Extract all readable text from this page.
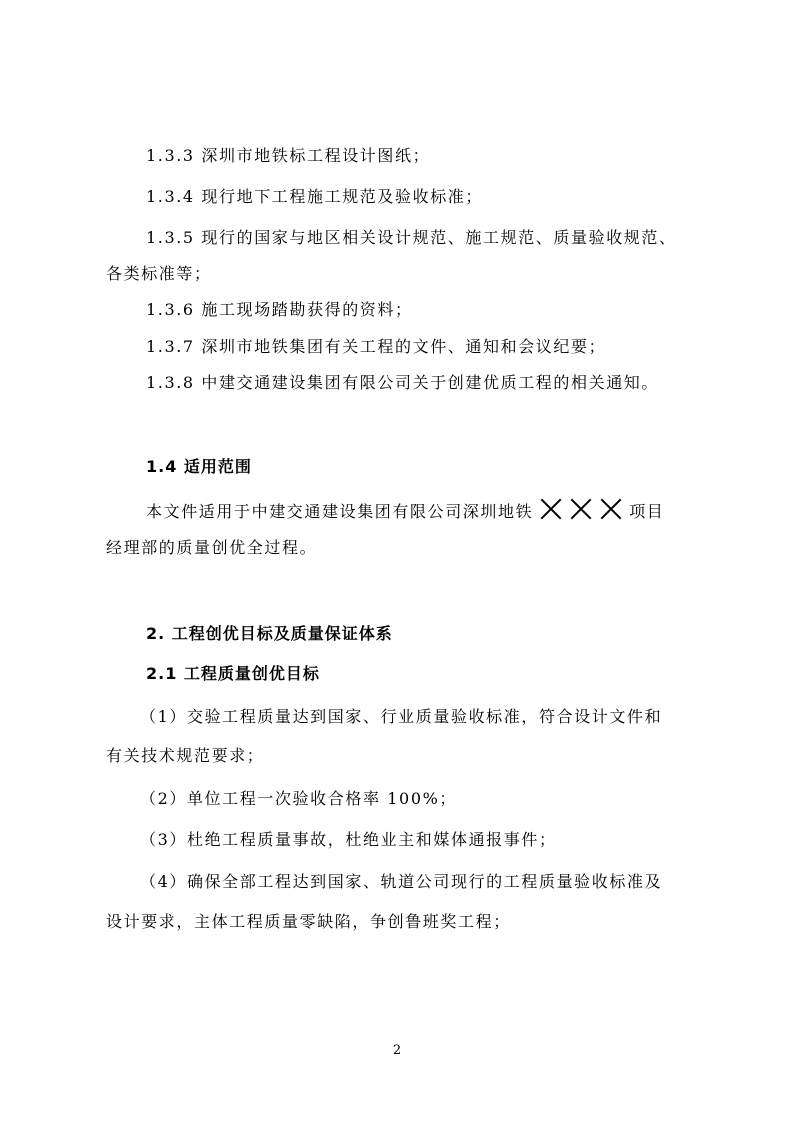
1.3.3 深圳市地铁标工程设计图纸；
1.3.4 现行地下工程施工规范及验收标准；
1.3.5 现行的国家与地区相关设计规范、施工规范、质量验收规范、
各类标准等；
1.3.6 施工现场踏勘获得的资料；
1.3.7 深圳市地铁集团有关工程的文件、通知和会议纪要；
1.3.8 中建交通建设集团有限公司关于创建优质工程的相关通知。
1.4 适用范围
本文件适用于中建交通建设集团有限公司深圳地铁	项目
经理部的质量创优全过程。
2. 工程创优目标及质量保证体系
2.1 工程质量创优目标
（1）交验工程质量达到国家、行业质量验收标准，符合设计文件和
有关技术规范要求；
（2）单位工程一次验收合格率 100%；
（3）杜绝工程质量事故，杜绝业主和媒体通报事件；
（4）确保全部工程达到国家、轨道公司现行的工程质量验收标准及
设计要求，主体工程质量零缺陷，争创鲁班奖工程；
2
